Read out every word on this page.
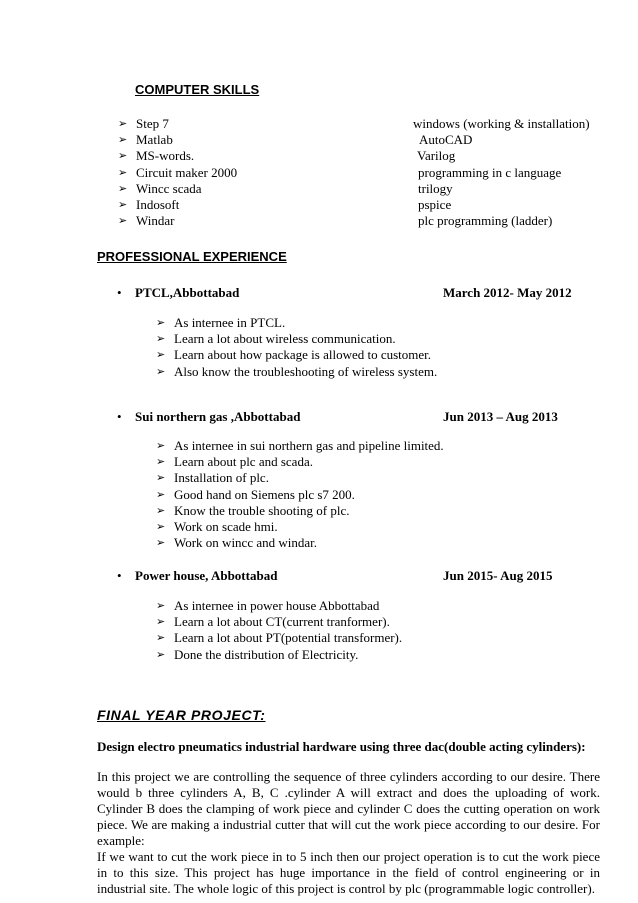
COMPUTER SKILLS
➢ Step 7	windows (working & installation)
➢ Matlab	AutoCAD
➢ MS-words.	Varilog
➢ Circuit maker 2000	programming in c language
➢ Wincc scada	trilogy
➢ Indosoft	pspice
➢ Windar	plc programming (ladder)
PROFESSIONAL EXPERIENCE
• PTCL,Abbottabad	March 2012- May 2012
➢ As internee in PTCL.
➢ Learn a lot about wireless communication.
➢ Learn about how package is allowed to customer.
➢ Also know the troubleshooting of wireless system.
• Sui northern gas ,Abbottabad	Jun 2013 – Aug 2013
➢ As internee in sui northern gas and pipeline limited.
➢ Learn about plc and scada.
➢ Installation of plc.
➢ Good hand on Siemens plc s7 200.
➢ Know the trouble shooting of plc.
➢ Work on scade hmi.
➢ Work on wincc and windar.
• Power house, Abbottabad	Jun 2015- Aug 2015
➢ As internee in power house Abbottabad
➢ Learn a lot about CT(current tranformer).
➢ Learn a lot about PT(potential transformer).
➢ Done the distribution of Electricity.
FINAL YEAR PROJECT:
Design electro pneumatics industrial hardware using three dac(double acting cylinders):
In this project we are controlling the sequence of three cylinders according to our desire. There would b three cylinders A, B, C .cylinder A will extract and does the uploading of work. Cylinder B does the clamping of work piece and cylinder C does the cutting operation on work piece. We are making a industrial cutter that will cut the work piece according to our desire. For example:
If we want to cut the work piece in to 5 inch then our project operation is to cut the work piece in to this size. This project has huge importance in the field of control engineering or in industrial site. The whole logic of this project is control by plc (programmable logic controller).
